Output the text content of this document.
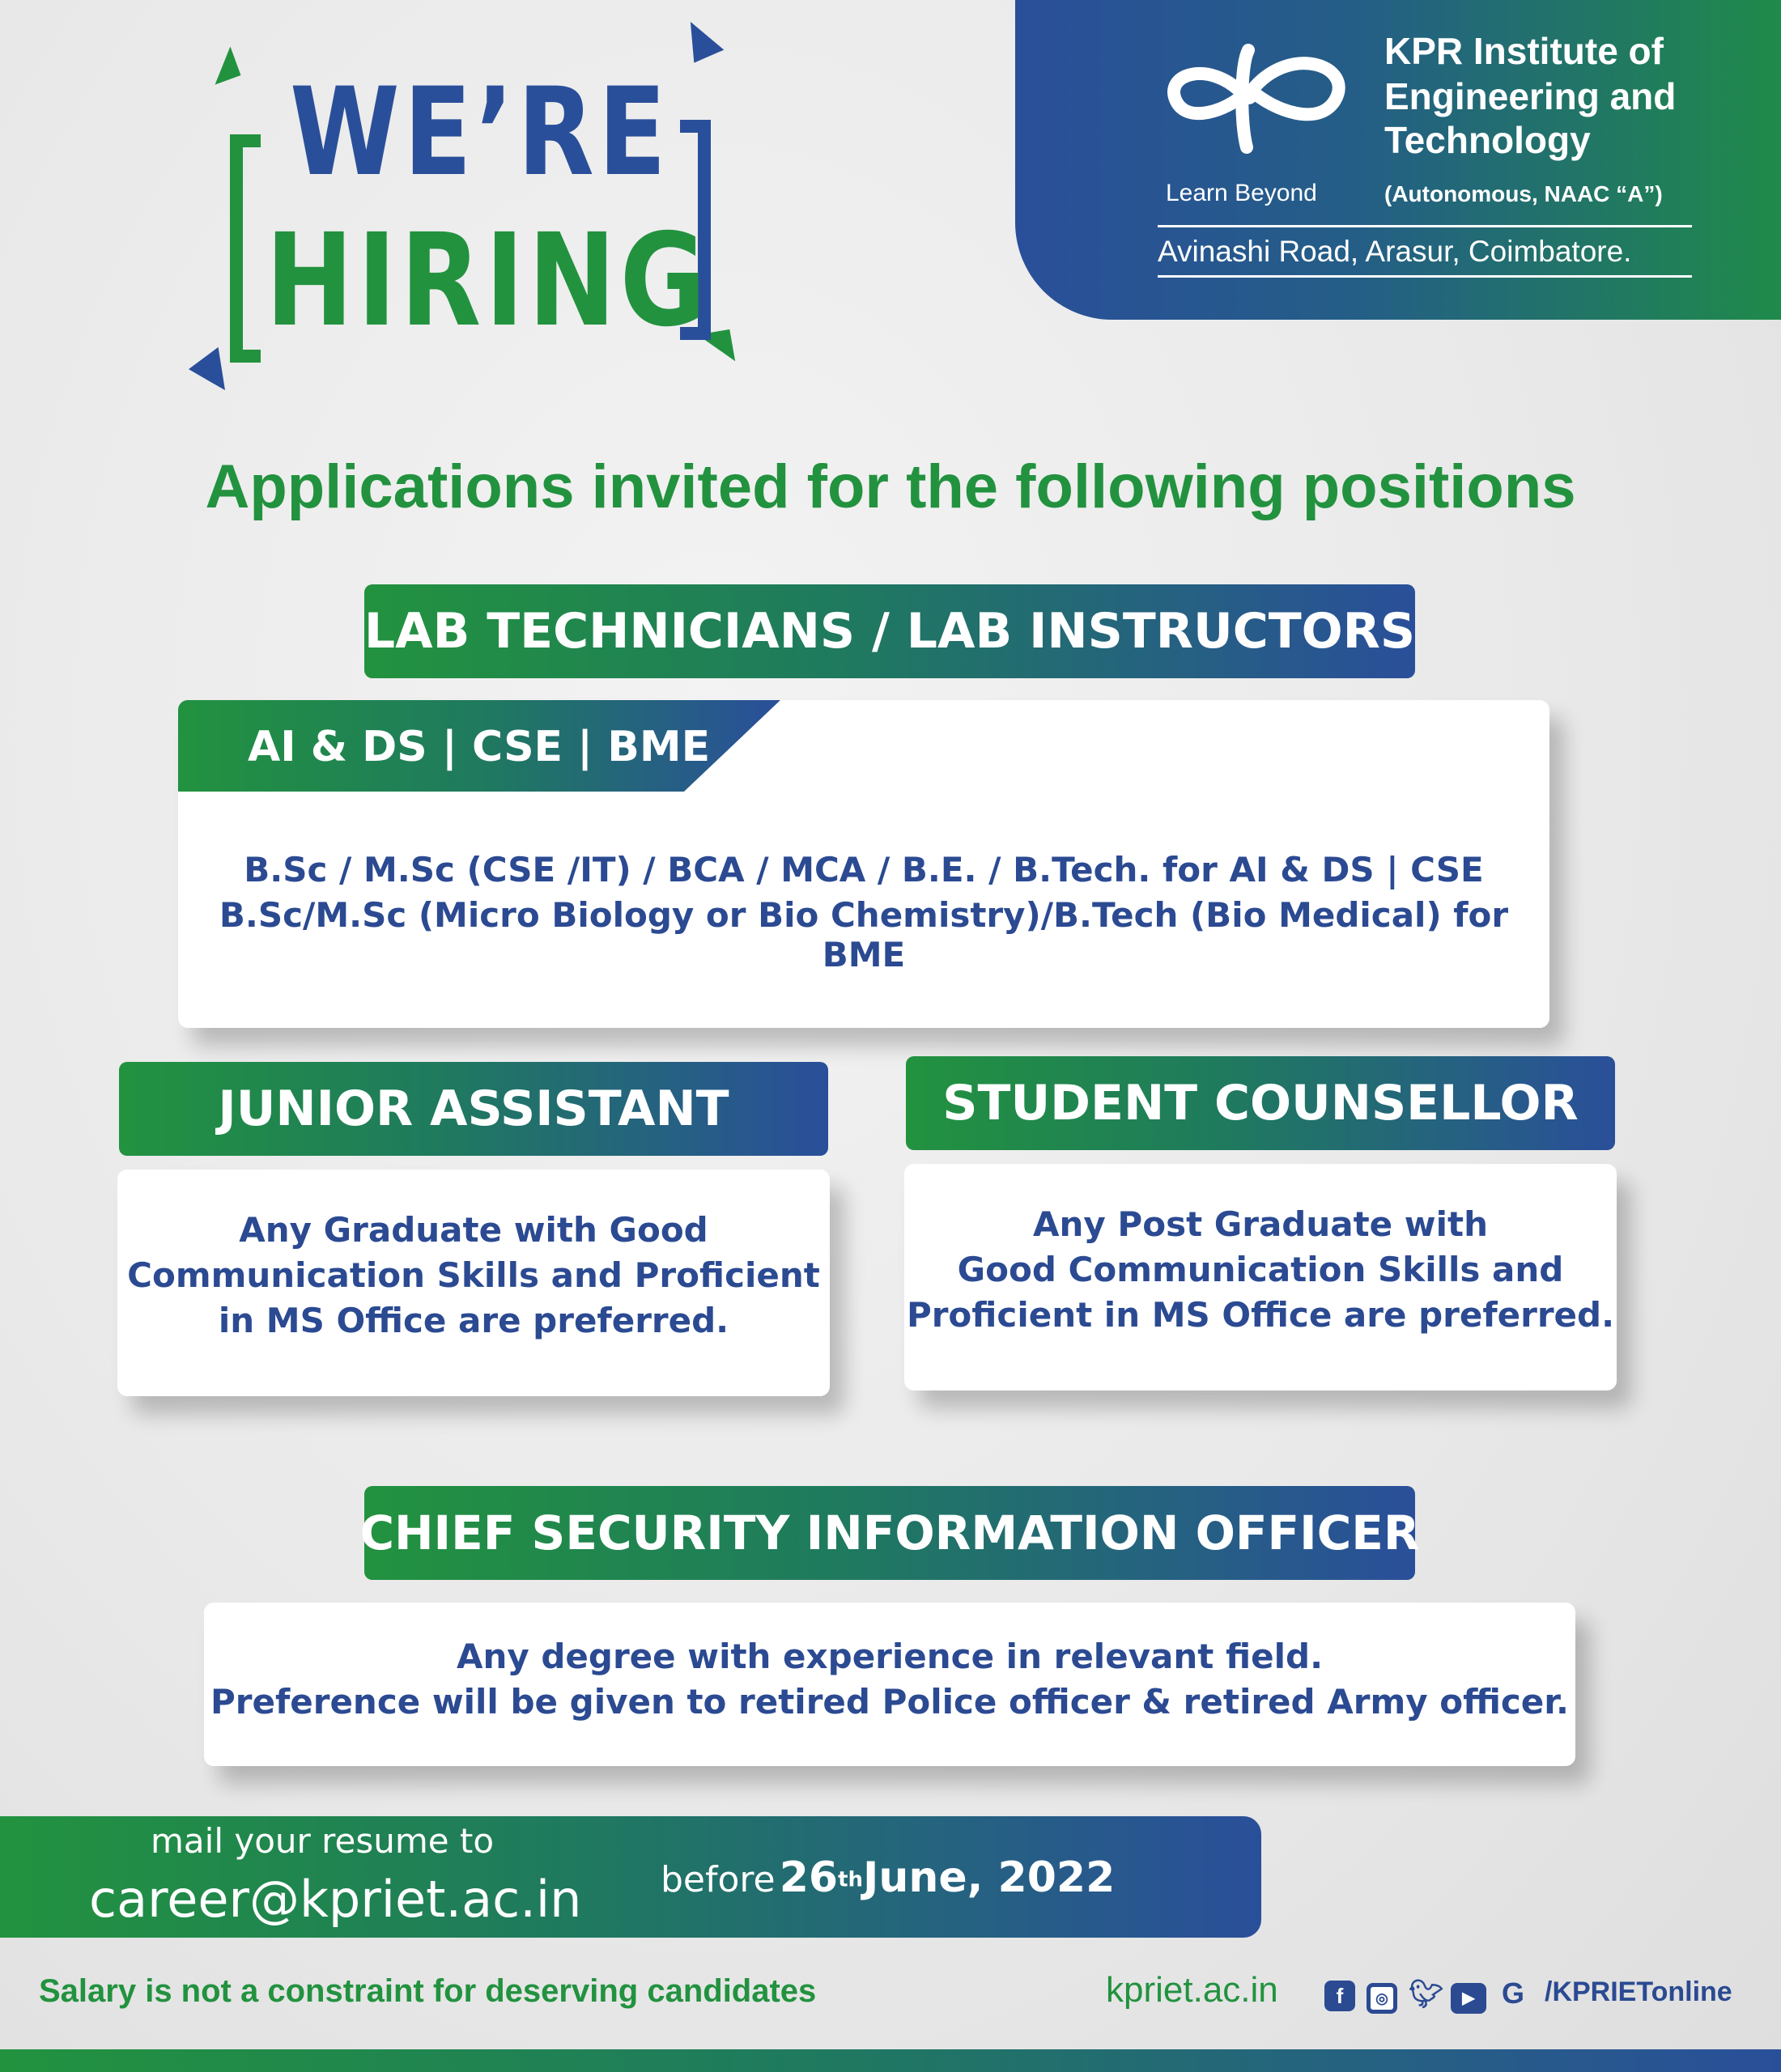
WE’RE
HIRING
KPR Institute of
Engineering and
Technology
Learn Beyond	(Autonomous, NAAC “A”)
Avinashi Road, Arasur, Coimbatore.
Applications invited for the following positions
LAB TECHNICIANS / LAB INSTRUCTORS
AI & DS | CSE | BME
B.Sc / M.Sc (CSE /IT) / BCA / MCA / B.E. / B.Tech. for AI & DS | CSE
B.Sc/M.Sc (Micro Biology or Bio Chemistry)/B.Tech (Bio Medical) for BME
JUNIOR ASSISTANT
Any Graduate with Good
Communication Skills and Proficient
in MS Office are preferred.
STUDENT COUNSELLOR
Any Post Graduate with
Good Communication Skills and
Proficient in MS Office are preferred.
CHIEF SECURITY INFORMATION OFFICER
Any degree with experience in relevant field.
Preference will be given to retired Police officer & retired Army officer.
mail your resume to
career@kpriet.ac.in before 26thJune, 2022
Salary is not a constraint for deserving candidates	kpriet.ac.in	f ◎ 🐦︎ ▶ G /KPRIETonline
